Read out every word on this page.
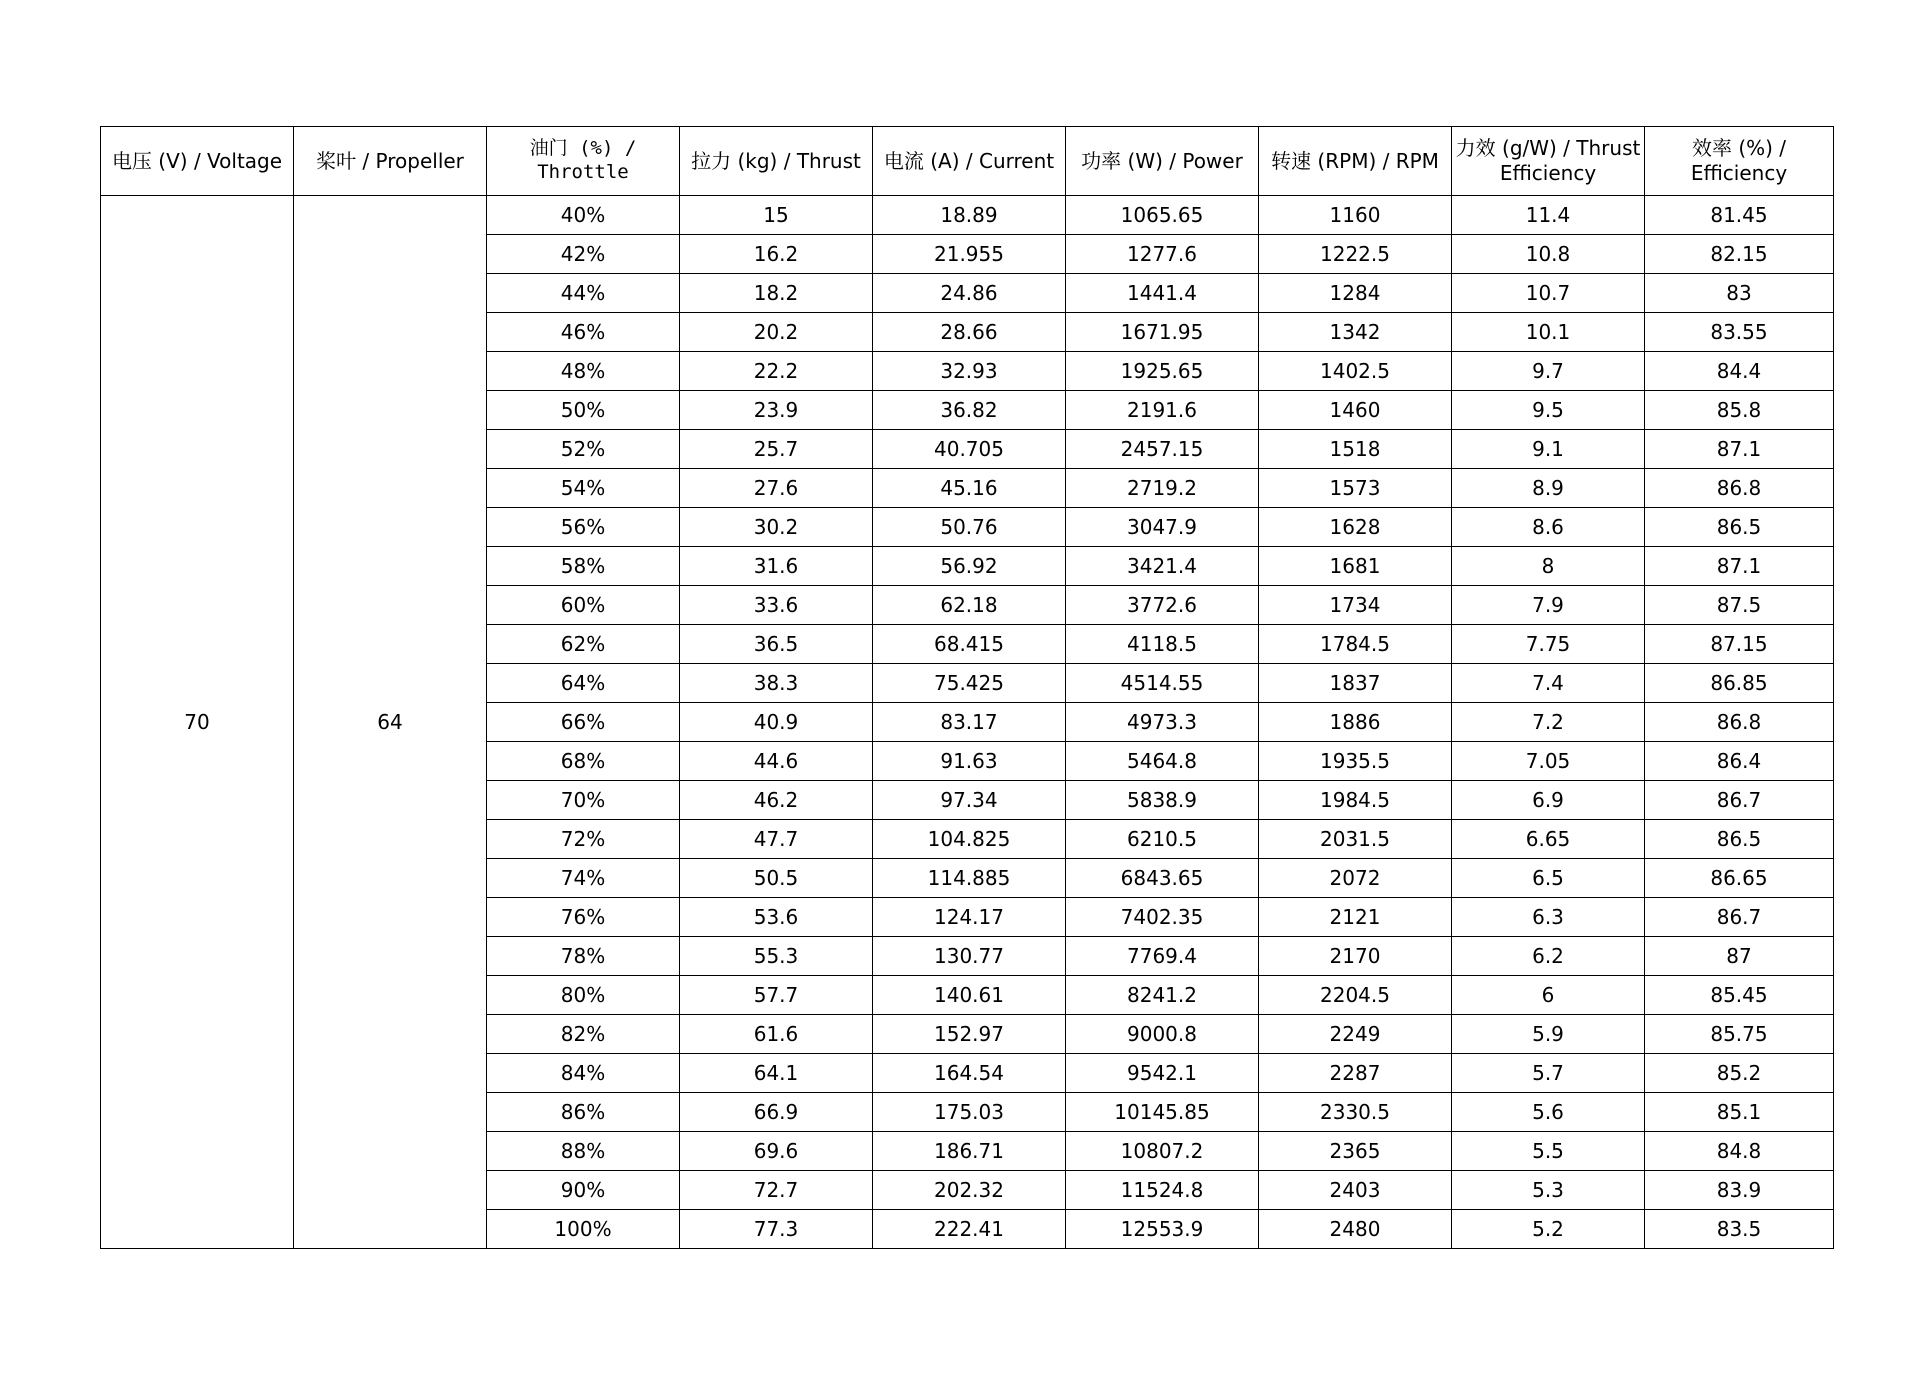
电压 (V) / Voltage	桨叶 / Propeller	油门 (%) / Throttle	拉力 (kg) / Thrust	电流 (A) / Current	功率 (W) / Power	转速 (RPM) / RPM	力效 (g/W) / Thrust Efficiency	效率 (%) / Efficiency
70	64	40%	15	18.89	1065.65	1160	11.4	81.45
		42%	16.2	21.955	1277.6	1222.5	10.8	82.15
		44%	18.2	24.86	1441.4	1284	10.7	83
		46%	20.2	28.66	1671.95	1342	10.1	83.55
		48%	22.2	32.93	1925.65	1402.5	9.7	84.4
		50%	23.9	36.82	2191.6	1460	9.5	85.8
		52%	25.7	40.705	2457.15	1518	9.1	87.1
		54%	27.6	45.16	2719.2	1573	8.9	86.8
		56%	30.2	50.76	3047.9	1628	8.6	86.5
		58%	31.6	56.92	3421.4	1681	8	87.1
		60%	33.6	62.18	3772.6	1734	7.9	87.5
		62%	36.5	68.415	4118.5	1784.5	7.75	87.15
		64%	38.3	75.425	4514.55	1837	7.4	86.85
		66%	40.9	83.17	4973.3	1886	7.2	86.8
		68%	44.6	91.63	5464.8	1935.5	7.05	86.4
		70%	46.2	97.34	5838.9	1984.5	6.9	86.7
		72%	47.7	104.825	6210.5	2031.5	6.65	86.5
		74%	50.5	114.885	6843.65	2072	6.5	86.65
		76%	53.6	124.17	7402.35	2121	6.3	86.7
		78%	55.3	130.77	7769.4	2170	6.2	87
		80%	57.7	140.61	8241.2	2204.5	6	85.45
		82%	61.6	152.97	9000.8	2249	5.9	85.75
		84%	64.1	164.54	9542.1	2287	5.7	85.2
		86%	66.9	175.03	10145.85	2330.5	5.6	85.1
		88%	69.6	186.71	10807.2	2365	5.5	84.8
		90%	72.7	202.32	11524.8	2403	5.3	83.9
		100%	77.3	222.41	12553.9	2480	5.2	83.5
